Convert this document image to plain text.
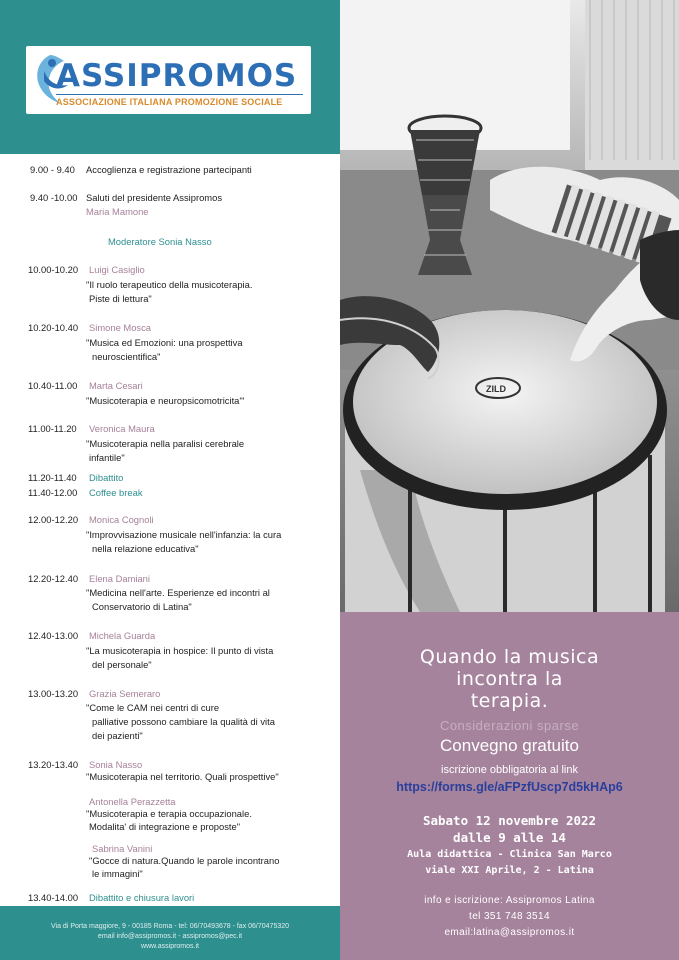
ASSIPROMOS
ASSOCIAZIONE ITALIANA PROMOZIONE SOCIALE
9.00 - 9.40 Accoglienza e registrazione partecipanti
9.40 -10.00 Saluti del presidente Assipromos
Maria Mamone
Moderatore Sonia Nasso
10.00-10.20 Luigi Casiglio
"Il ruolo terapeutico della musicoterapia.
Piste di lettura"
10.20-10.40 Simone Mosca
"Musica ed Emozioni: una prospettiva
neuroscientifica"
10.40-11.00 Marta Cesari
"Musicoterapia e neuropsicomotricita'"
11.00-11.20 Veronica Maura
"Musicoterapia nella paralisi cerebrale
infantile"
11.20-11.40 Dibattito
11.40-12.00 Coffee break
12.00-12.20 Monica Cognoli
"Improvvisazione musicale nell'infanzia: la cura
nella relazione educativa"
12.20-12.40 Elena Damiani
"Medicina nell'arte. Esperienze ed incontri al
Conservatorio di Latina"
12.40-13.00 Michela Guarda
"La musicoterapia in hospice: Il punto di vista
del personale"
13.00-13.20 Grazia Semeraro
"Come le CAM nei centri di cure
palliative possono cambiare la qualità di vita
dei pazienti"
13.20-13.40 Sonia Nasso
"Musicoterapia nel territorio. Quali prospettive"
Antonella Perazzetta
"Musicoterapia e terapia occupazionale.
Modalita' di integrazione e proposte"
Sabrina Vanini
"Gocce di natura.Quando le parole incontrano
le immagini"
13.40-14.00 Dibattito e chiusura lavori
Via di Porta maggiore, 9 - 00185 Roma - tel: 06/70493678 - fax 06/70475320
email info@assipromos.it - assipromos@pec.it
www.assipromos.it
ZILD
Quando la musica
incontra la
terapia.
Considerazioni sparse
Convegno gratuito
iscrizione obbligatoria al link
https://forms.gle/aFPzfUscp7d5kHAp6
Sabato 12 novembre 2022
dalle 9 alle 14
Aula didattica - Clinica San Marco
viale XXI Aprile, 2 - Latina
info e iscrizione: Assipromos Latina
tel 351 748 3514
email:latina@assipromos.it
